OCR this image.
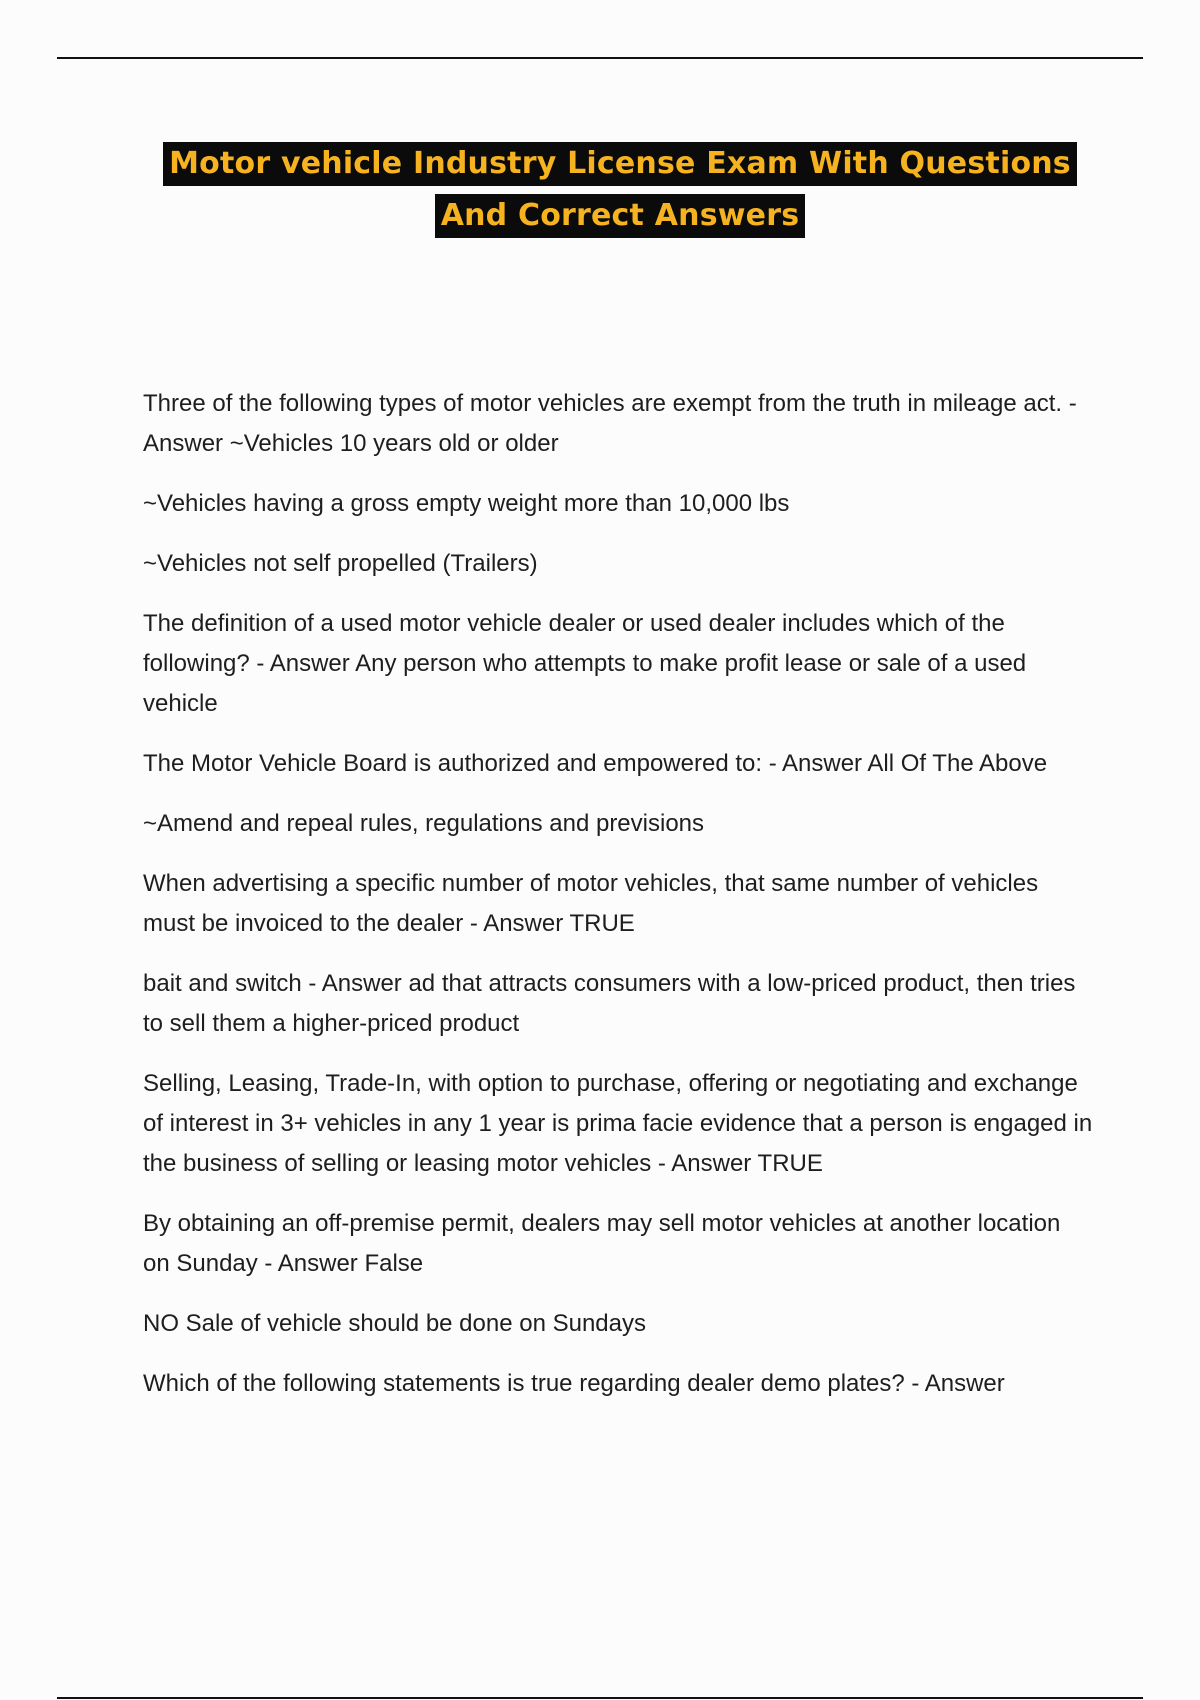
Motor vehicle Industry License Exam With Questions
And Correct Answers

Three of the following types of motor vehicles are exempt from the truth in mileage act. - Answer ~Vehicles 10 years old or older

~Vehicles having a gross empty weight more than 10,000 lbs

~Vehicles not self propelled (Trailers)

The definition of a used motor vehicle dealer or used dealer includes which of the following? - Answer Any person who attempts to make profit lease or sale of a used vehicle

The Motor Vehicle Board is authorized and empowered to: - Answer All Of The Above

~Amend and repeal rules, regulations and previsions

When advertising a specific number of motor vehicles, that same number of vehicles must be invoiced to the dealer - Answer TRUE

bait and switch - Answer ad that attracts consumers with a low-priced product, then tries to sell them a higher-priced product

Selling, Leasing, Trade-In, with option to purchase, offering or negotiating and exchange of interest in 3+ vehicles in any 1 year is prima facie evidence that a person is engaged in the business of selling or leasing motor vehicles - Answer TRUE

By obtaining an off-premise permit, dealers may sell motor vehicles at another location on Sunday - Answer False

NO Sale of vehicle should be done on Sundays

Which of the following statements is true regarding dealer demo plates? - Answer
